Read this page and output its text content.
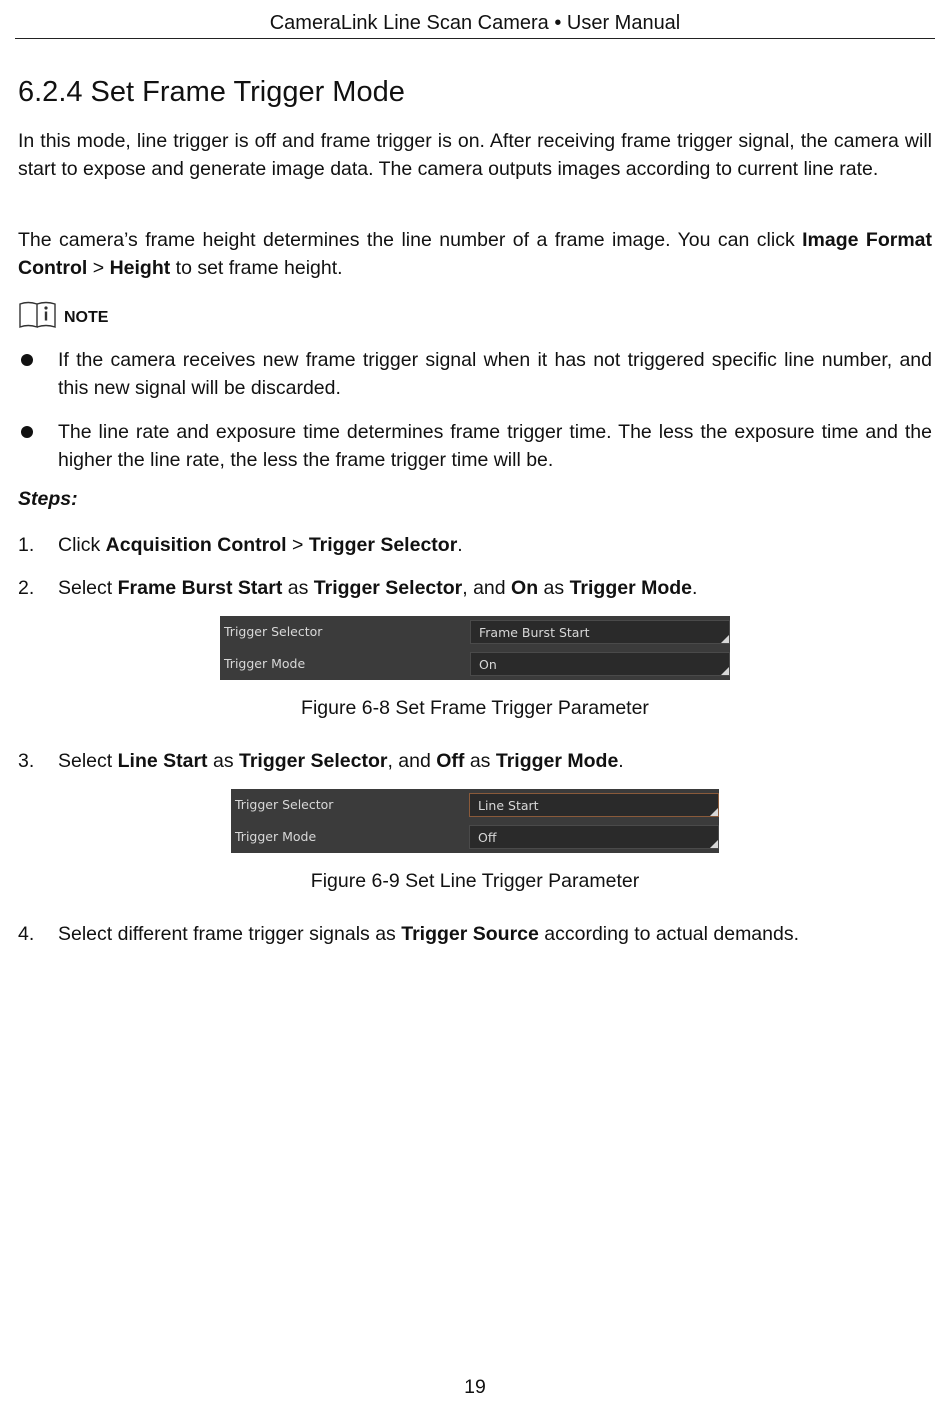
CameraLink Line Scan Camera • User Manual
6.2.4 Set Frame Trigger Mode

In this mode, line trigger is off and frame trigger is on. After receiving frame trigger signal, the camera will start to expose and generate image data. The camera outputs images according to current line rate.

The camera’s frame height determines the line number of a frame image. You can click Image Format Control > Height to set frame height.

NOTE
If the camera receives new frame trigger signal when it has not triggered specific line number, and this new signal will be discarded.
The line rate and exposure time determines frame trigger time. The less the exposure time and the higher the line rate, the less the frame trigger time will be.
Steps:
1. Click Acquisition Control > Trigger Selector.
2. Select Frame Burst Start as Trigger Selector, and On as Trigger Mode.
Trigger Selector	Frame Burst Start
Trigger Mode	On
Figure 6-8 Set Frame Trigger Parameter
3. Select Line Start as Trigger Selector, and Off as Trigger Mode.
Trigger Selector	Line Start
Trigger Mode	Off
Figure 6-9 Set Line Trigger Parameter
4. Select different frame trigger signals as Trigger Source according to actual demands.
19
